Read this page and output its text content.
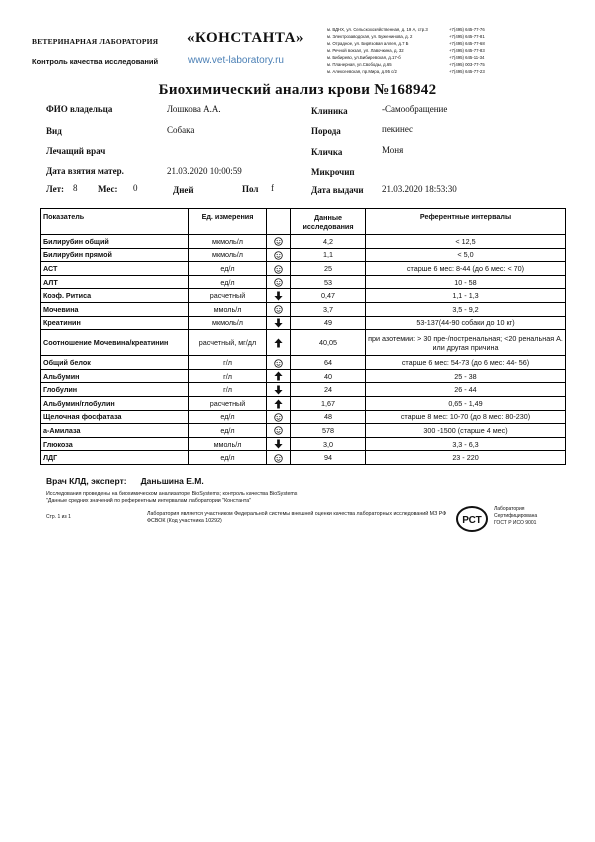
ВЕТЕРИНАРНАЯ ЛАБОРАТОРИЯ «КОНСТАНТА»
Контроль качества исследований	www.vet-laboratory.ru
м. ВДНХ, ул. Сельскохозяйственная, д. 19 А, стр.3	+7(495) 645-77-76
м. Электрозаводская, ул. Буженинова, д. 2	+7(495) 645-77-81
м. Отрадное, ул. Бирёзовая аллея, д.7 Б	+7(495) 645-77-68
м. Речной вокзал, ул. Лавочкина, д. 32	+7(495) 645-77-83
м. Бибирево, ул.Бибиревская, д.17-б	+7(495) 645-11-34
м. Планерная, ул.Свободы, д.65	+7(495) 003-77-75
м. Алексеевская, пр.Мира, д.95 с/2	+7(495) 645-77-23
Биохимический анализ крови №168942
ФИО владельца	Лошкова А.А.	Клиника	-Самообращение
Вид	Собака	Порода	пекинес
Лечащий врач	Кличка	Моня
Дата взятия матер.	21.03.2020 10:00:59	Микрочип
Лет: 8 Мес: 0	Дней	Пол f	Дата выдачи 21.03.2020 18:53:30
Показатель	Ед. измерения		Данные исследования	Референтные интервалы
Билирубин общий	мкмоль/л		4,2	< 12,5
Билирубин прямой	мкмоль/л		1,1	< 5,0
АСТ	ед/л		25	старше 6 мес: 8-44 (до 6 мес: < 70)
АЛТ	ед/л		53	10 - 58
Коэф. Ритиса	расчетный		0,47	1,1 - 1,3
Мочевина	ммоль/л		3,7	3,5 - 9,2
Креатинин	мкмоль/л		49	53-137(44-90 собаки до 10 кг)
Соотношение Мочевина/креатинин	расчетный, мг/дл		40,05	при азотемии: > 30 пре-/постренальная; <20 ренальная А. или другая причина
Общий белок	г/л		64	старше 6 мес: 54-73 (до 6 мес: 44- 56)
Альбумин	г/л		40	25 - 38
Глобулин	г/л		24	26 - 44
Альбумин/глобулин	расчетный		1,67	0,65 - 1,49
Щелочная фосфатаза	ед/л		48	старше 8 мес: 10-70 (до 8 мес: 80-230)
а-Амилаза	ед/л		578	300 -1500 (старше 4 мес)
Глюкоза	ммоль/л		3,0	3,3 - 6,3
ЛДГ	ед/л		94	23 - 220
Врач КЛД, эксперт: Даньшина Е.М.
Исследования проведены на биохимическом анализаторе BioSystems; контроль качества BioSystems
"Данные средних значений по референтным интервалам лаборатории "Константа"
Стр. 1 из 1	Лаборатория является участником Федеральной системы внешней оценки качества лабораторных исследований МЗ РФ ФСВОК (Код участника 10292)	РСТ
Лаборатория
Сертифицирована
ГОСТ Р ИСО 9001
